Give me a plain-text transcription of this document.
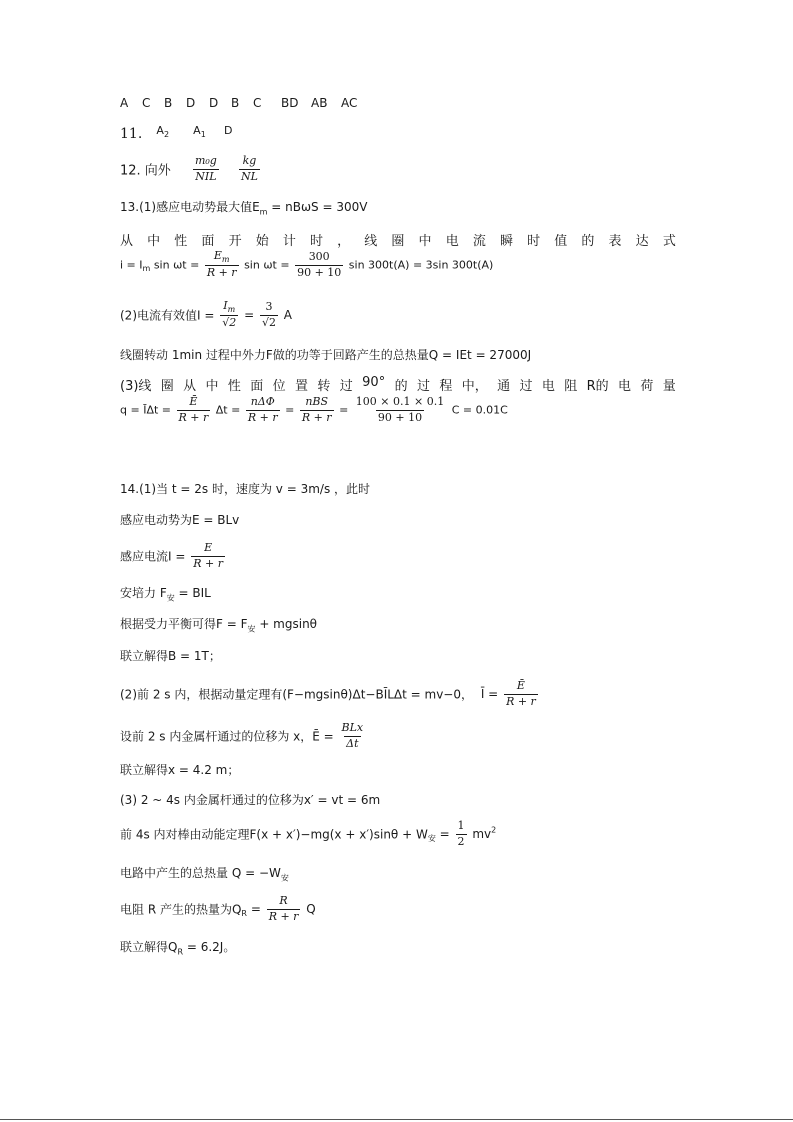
A	C	B	D	D	B	C	BD	AB	AC
11. $^{A_2}$ $^{A_1}$ $^D$
12. 向外 $\frac{\text{m₀g}}{\text{NIL}}$
$\frac{kg}{NL}$
13.(1)感应电动势最大值$E_m = nB\omega S = 300V$
从 中 性 面 开 始 计 时 ， 线 圈 中 电 流 瞬 时 值 的 表 达 式
$i = I_m$ $\sin \omega t = \frac{E_m}{R + r}$ $\sin \omega t = \frac{300}{90 + 10}$ sin 300t(A) = 3sin 300t(A)
(2)电流有效值$I = \frac{I_m}{√2} = \frac{3}{√2}$ A
线圈转动 1min 过程中外力F做的功等于回路产生的总热量Q = IEt = 27000J
(3)线 圈 从 中 性 面 位 置 转 过 90° 的 过 程 中， 通 过 电 阻 R的 电 荷 量
q = ĪΔt = $\frac{Ē}{R + r}$ $\Delta t = \frac{\text{nΔΦ}}{R + r} = \frac{\text{nBS}}{R + r} = \frac{100 \times 0.1 \times 0.1}{90 + 10}$ C = 0.01C
14.(1)当 t = 2s 时，速度为 v = 3m/s ，此时
感应电动势为E = BLv
感应电流$I = \frac{E}{R + r}$
安培力 $F_安$ = BIL
根据受力平衡可得$F = F_安 + mgsin\theta$
联立解得B = 1T；
(2)前 2 s 内，根据动量定理有(F−mgsinθ)Δt−BĪLΔt = mv−0， Ī = $\frac{Ē}{R + r}$
设前 2 s 内金属杆通过的位移为 x，Ē = $\frac{\text{BLx}}{\Delta t}$
联立解得x = 4.2 m；
(3) 2 ~ 4s 内金属杆通过的位移为x′ = vt = 6m
前 4s 内对棒由动能定理$F(x + x')-mg(x + x')\sin\theta + W_安 = \frac{1}{2} mv^2$
电路中产生的总热量 $Q = -W_安$
电阻 R 产生的热量为$Q_R = \frac{R}{R + r}$ Q
联立解得$Q_R = 6.2J$。
